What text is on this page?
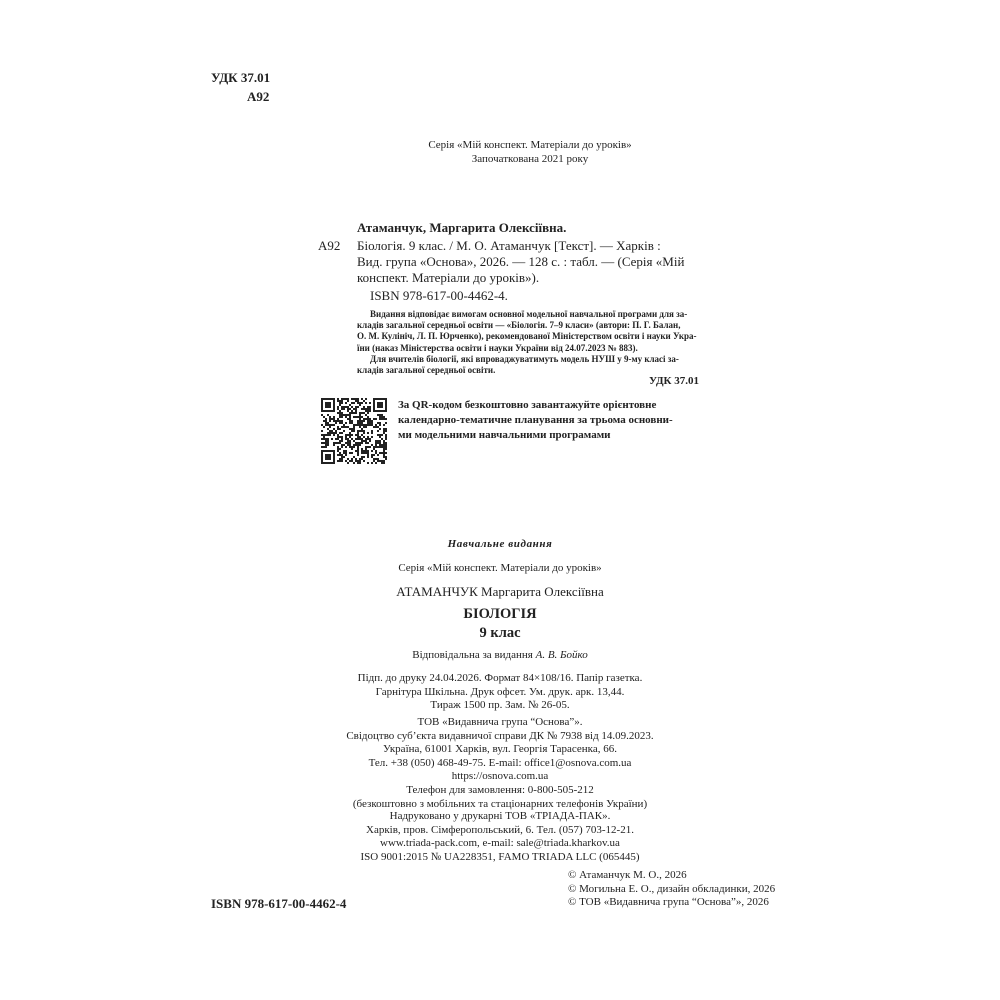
УДК 37.01
А92
Серія «Мій конспект. Матеріали до уроків»
Започаткована 2021 року
Атаманчук, Маргарита Олексіївна.
А92 Біологія. 9 клас. / М. О. Атаманчук [Текст]. — Харків :
Вид. група «Основа», 2026. — 128 с. : табл. — (Серія «Мій
конспект. Матеріали до уроків»).
ISBN 978-617-00-4462-4.
Видання відповідає вимогам основної модельної навчальної програми для за-
кладів загальної середньої освіти — «Біологія. 7–9 класи» (автори: П. Г. Балан,
О. М. Кулініч, Л. П. Юрченко), рекомендованої Міністерством освіти і науки Укра-
їни (наказ Міністерства освіти і науки України від 24.07.2023 № 883).
Для вчителів біології, які впроваджуватимуть модель НУШ у 9-му класі за-
кладів загальної середньої освіти.
УДК 37.01
За QR-кодом безкоштовно завантажуйте орієнтовне
календарно-тематичне планування за трьома основни-
ми модельними навчальними програмами
Навчальне видання
Серія «Мій конспект. Матеріали до уроків»
АТАМАНЧУК Маргарита Олексіївна
БІОЛОГІЯ
9 клас
Відповідальна за видання А. В. Бойко
Підп. до друку 24.04.2026. Формат 84×108/16. Папір газетка.
Гарнітура Шкільна. Друк офсет. Ум. друк. арк. 13,44.
Тираж 1500 пр. Зам. № 26-05.
ТОВ «Видавнича група “Основа”».
Свідоцтво суб’єкта видавничої справи ДК № 7938 від 14.09.2023.
Україна, 61001 Харків, вул. Георгія Тарасенка, 66.
Тел. +38 (050) 468-49-75. E-mail: office1@osnova.com.ua
https://osnova.com.ua
Телефон для замовлення: 0-800-505-212
(безкоштовно з мобільних та стаціонарних телефонів України)
Надруковано у друкарні ТОВ «ТРІАДА-ПАК».
Харків, пров. Сімферопольський, 6. Тел. (057) 703-12-21.
www.triada-pack.com, e-mail: sale@triada.kharkov.ua
ISO 9001:2015 № UA228351, FAMO TRIADA LLC (065445)
ISBN 978-617-00-4462-4
© Атаманчук М. О., 2026
© Могильна Е. О., дизайн обкладинки, 2026
© ТОВ «Видавнича група “Основа”», 2026
